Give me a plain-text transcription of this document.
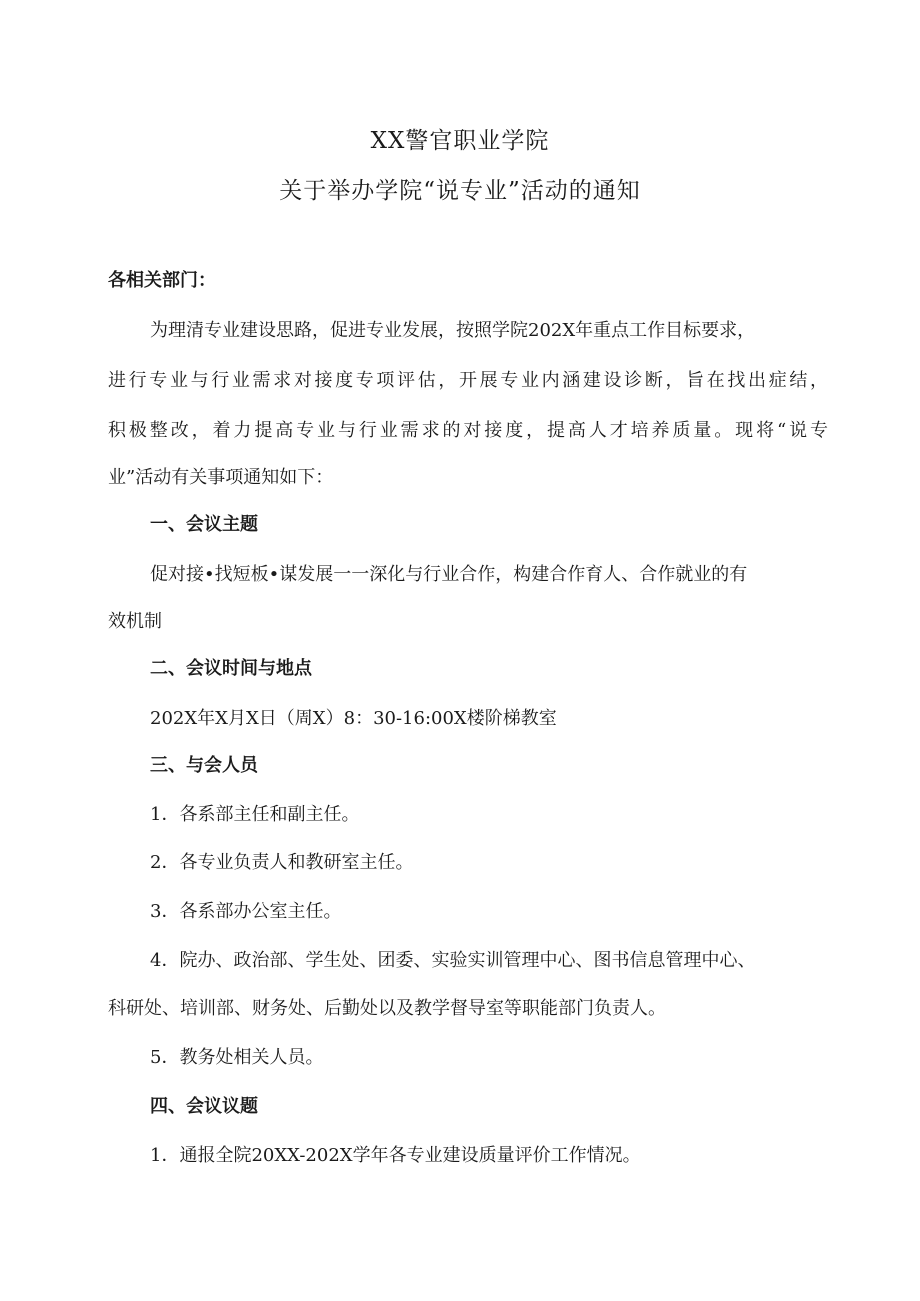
XX警官职业学院
关于举办学院“说专业”活动的通知
各相关部门：
为理清专业建设思路，促进专业发展，按照学院202X年重点工作目标要求，
进行专业与行业需求对接度专项评估，开展专业内涵建设诊断，旨在找出症结，
积极整改，着力提高专业与行业需求的对接度，提高人才培养质量。现将“说专
业”活动有关事项通知如下：
一、会议主题
促对接•找短板•谋发展一一深化与行业合作，构建合作育人、合作就业的有
效机制
二、会议时间与地点
202X年X月X日（周X）8：30-16:00X楼阶梯教室
三、与会人员
1．各系部主任和副主任。
2．各专业负责人和教研室主任。
3．各系部办公室主任。
4．院办、政治部、学生处、团委、实验实训管理中心、图书信息管理中心、
科研处、培训部、财务处、后勤处以及教学督导室等职能部门负责人。
5．教务处相关人员。
四、会议议题
1．通报全院20XX-202X学年各专业建设质量评价工作情况。
